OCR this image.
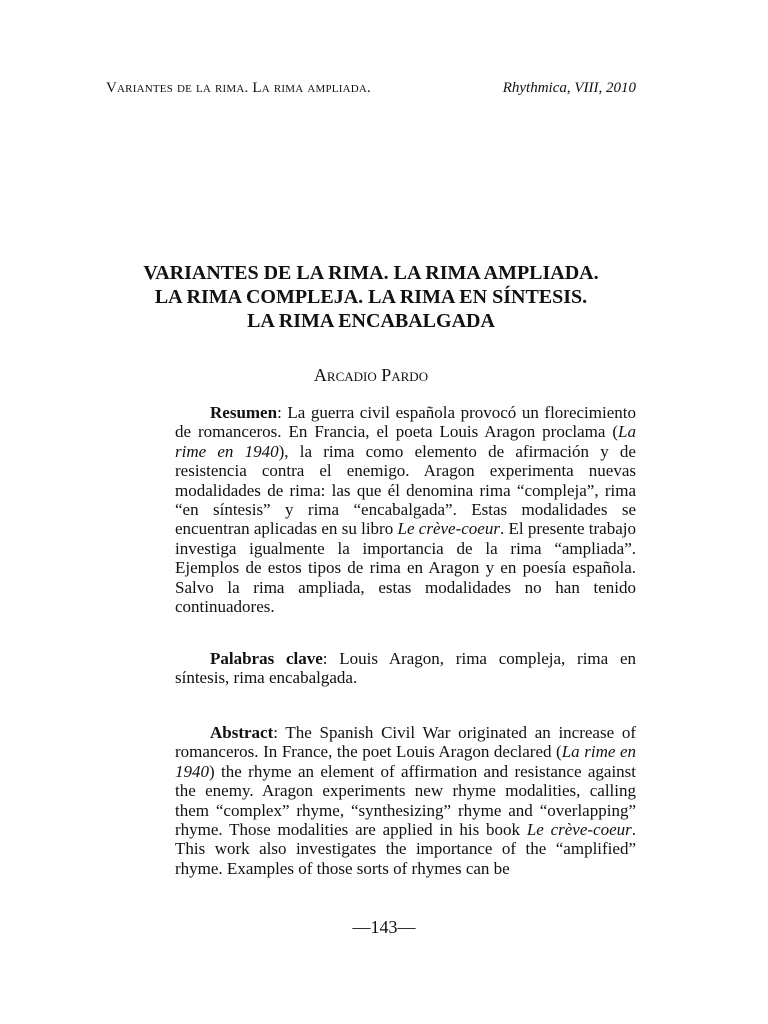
Variantes de la rima. La rima ampliada.	Rhythmica, VIII, 2010
VARIANTES DE LA RIMA. LA RIMA AMPLIADA.
LA RIMA COMPLEJA. LA RIMA EN SÍNTESIS.
LA RIMA ENCABALGADA

Arcadio Pardo

Resumen: La guerra civil española provocó un florecimiento de romanceros. En Francia, el poeta Louis Aragon proclama (La rime en 1940), la rima como elemento de afirmación y de resistencia contra el enemigo. Aragon experimenta nuevas modalidades de rima: las que él denomina rima “compleja”, rima “en síntesis” y rima “encabalgada”. Estas modalidades se encuentran aplicadas en su libro Le crève-coeur. El presente trabajo investiga igualmente la importancia de la rima “ampliada”. Ejemplos de estos tipos de rima en Aragon y en poesía española. Salvo la rima ampliada, estas modalidades no han tenido continuadores.

Palabras clave: Louis Aragon, rima compleja, rima en síntesis, rima encabalgada.

Abstract: The Spanish Civil War originated an increase of romanceros. In France, the poet Louis Aragon declared (La rime en 1940) the rhyme an element of affirmation and resistance against the enemy. Aragon experiments new rhyme modalities, calling them “complex” rhyme, “synthesizing” rhyme and “overlapping” rhyme. Those modalities are applied in his book Le crève-coeur. This work also investigates the importance of the “amplified” rhyme. Examples of those sorts of rhymes can be

—143—
